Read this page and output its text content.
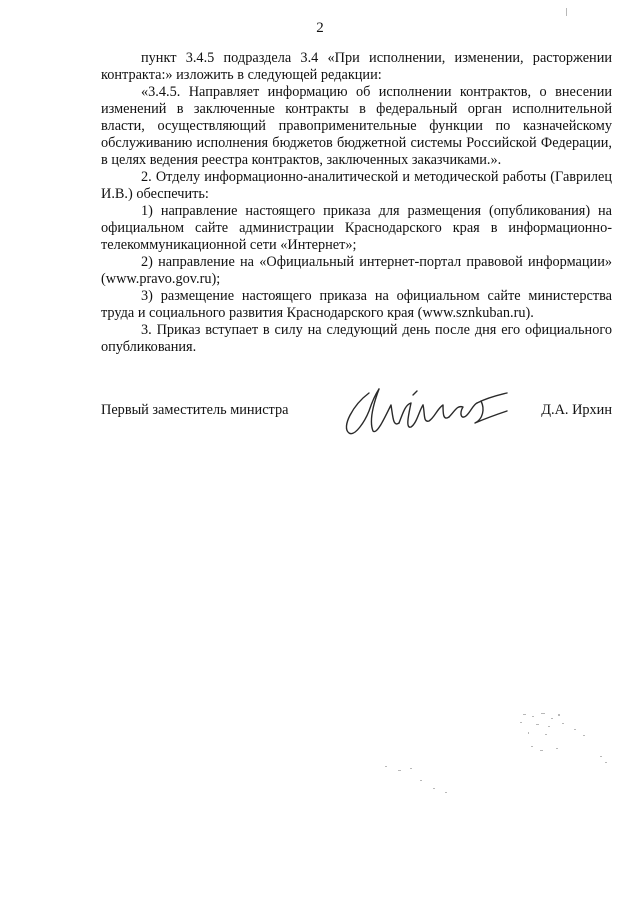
2

пункт 3.4.5 подраздела 3.4 «При исполнении, изменении, расторжении контракта:» изложить в следующей редакции:

«3.4.5. Направляет информацию об исполнении контрактов, о внесении изменений в заключенные контракты в федеральный орган исполнительной власти, осуществляющий правоприменительные функции по казначейскому обслуживанию исполнения бюджетов бюджетной системы Российской Федерации, в целях ведения реестра контрактов, заключенных заказчиками.».

2. Отделу информационно-аналитической и методической работы (Гаврилец И.В.) обеспечить:

1) направление настоящего приказа для размещения (опубликования) на официальном сайте администрации Краснодарского края в информационно-телекоммуникационной сети «Интернет»;

2) направление на «Официальный интернет-портал правовой информации» (www.pravo.gov.ru);

3) размещение настоящего приказа на официальном сайте министерства труда и социального развития Краснодарского края (www.sznkuban.ru).

3. Приказ вступает в силу на следующий день после дня его официального опубликования.

Первый заместитель министра	Д.А. Ирхин
